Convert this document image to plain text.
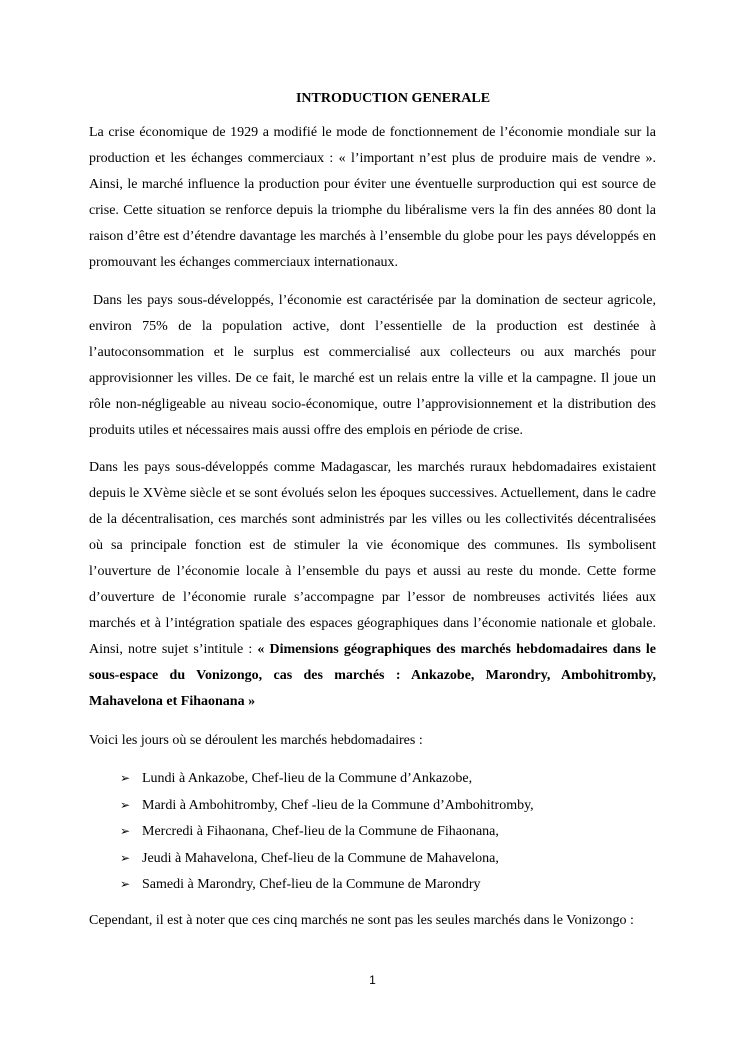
INTRODUCTION GENERALE

La crise économique de 1929 a modifié le mode de fonctionnement de l’économie mondiale sur la production et les échanges commerciaux : « l’important n’est plus de produire mais de vendre ». Ainsi, le marché influence la production pour éviter une éventuelle surproduction qui est source de crise. Cette situation se renforce depuis la triomphe du libéralisme vers la fin des années 80 dont la raison d’être est d’étendre davantage les marchés à l’ensemble du globe pour les pays développés en promouvant les échanges commerciaux internationaux.

Dans les pays sous-développés, l’économie est caractérisée par la domination de secteur agricole, environ 75% de la population active, dont l’essentielle de la production est destinée à l’autoconsommation et le surplus est commercialisé aux collecteurs ou aux marchés pour approvisionner les villes. De ce fait, le marché est un relais entre la ville et la campagne. Il joue un rôle non-négligeable au niveau socio-économique, outre l’approvisionnement et la distribution des produits utiles et nécessaires mais aussi offre des emplois en période de crise.

Dans les pays sous-développés comme Madagascar, les marchés ruraux hebdomadaires existaient depuis le XVème siècle et se sont évolués selon les époques successives. Actuellement, dans le cadre de la décentralisation, ces marchés sont administrés par les villes ou les collectivités décentralisées où sa principale fonction est de stimuler la vie économique des communes. Ils symbolisent l’ouverture de l’économie locale à l’ensemble du pays et aussi au reste du monde. Cette forme d’ouverture de l’économie rurale s’accompagne par l’essor de nombreuses activités liées aux marchés et à l’intégration spatiale des espaces géographiques dans l’économie nationale et globale. Ainsi, notre sujet s’intitule : « Dimensions géographiques des marchés hebdomadaires dans le sous-espace du Vonizongo, cas des marchés : Ankazobe, Marondry, Ambohitromby, Mahavelona et Fihaonana »

Voici les jours où se déroulent les marchés hebdomadaires :

➢ Lundi à Ankazobe, Chef-lieu de la Commune d’Ankazobe,
➢ Mardi à Ambohitromby, Chef -lieu de la Commune d’Ambohitromby,
➢ Mercredi à Fihaonana, Chef-lieu de la Commune de Fihaonana,
➢ Jeudi à Mahavelona, Chef-lieu de la Commune de Mahavelona,
➢ Samedi à Marondry, Chef-lieu de la Commune de Marondry

Cependant, il est à noter que ces cinq marchés ne sont pas les seules marchés dans le Vonizongo :

1
